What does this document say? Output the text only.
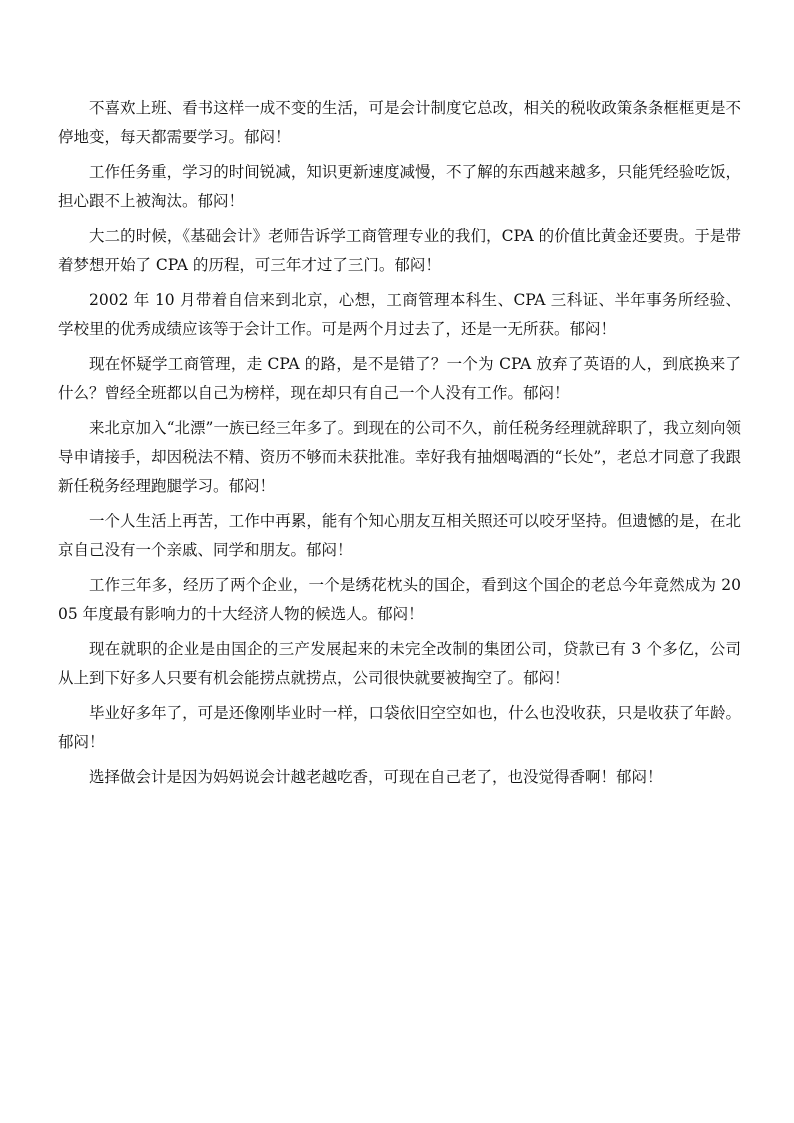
不喜欢上班、看书这样一成不变的生活，可是会计制度它总改，相关的税收政策条条框框更是不停地变，每天都需要学习。郁闷！

工作任务重，学习的时间锐减，知识更新速度减慢，不了解的东西越来越多，只能凭经验吃饭，担心跟不上被淘汰。郁闷！

大二的时候，《基础会计》老师告诉学工商管理专业的我们，CPA 的价值比黄金还要贵。于是带着梦想开始了 CPA 的历程，可三年才过了三门。郁闷！

2002 年 10 月带着自信来到北京，心想，工商管理本科生、CPA 三科证、半年事务所经验、学校里的优秀成绩应该等于会计工作。可是两个月过去了，还是一无所获。郁闷！

现在怀疑学工商管理，走 CPA 的路，是不是错了？一个为 CPA 放弃了英语的人，到底换来了什么？曾经全班都以自己为榜样，现在却只有自己一个人没有工作。郁闷！

来北京加入“北漂”一族已经三年多了。到现在的公司不久，前任税务经理就辞职了，我立刻向领导申请接手，却因税法不精、资历不够而未获批准。幸好我有抽烟喝酒的“长处”，老总才同意了我跟新任税务经理跑腿学习。郁闷！

一个人生活上再苦，工作中再累，能有个知心朋友互相关照还可以咬牙坚持。但遗憾的是，在北京自己没有一个亲戚、同学和朋友。郁闷！

工作三年多，经历了两个企业，一个是绣花枕头的国企，看到这个国企的老总今年竟然成为 2005 年度最有影响力的十大经济人物的候选人。郁闷！

现在就职的企业是由国企的三产发展起来的未完全改制的集团公司，贷款已有 3 个多亿，公司从上到下好多人只要有机会能捞点就捞点，公司很快就要被掏空了。郁闷！

毕业好多年了，可是还像刚毕业时一样，口袋依旧空空如也，什么也没收获，只是收获了年龄。郁闷！

选择做会计是因为妈妈说会计越老越吃香，可现在自己老了，也没觉得香啊！郁闷！
